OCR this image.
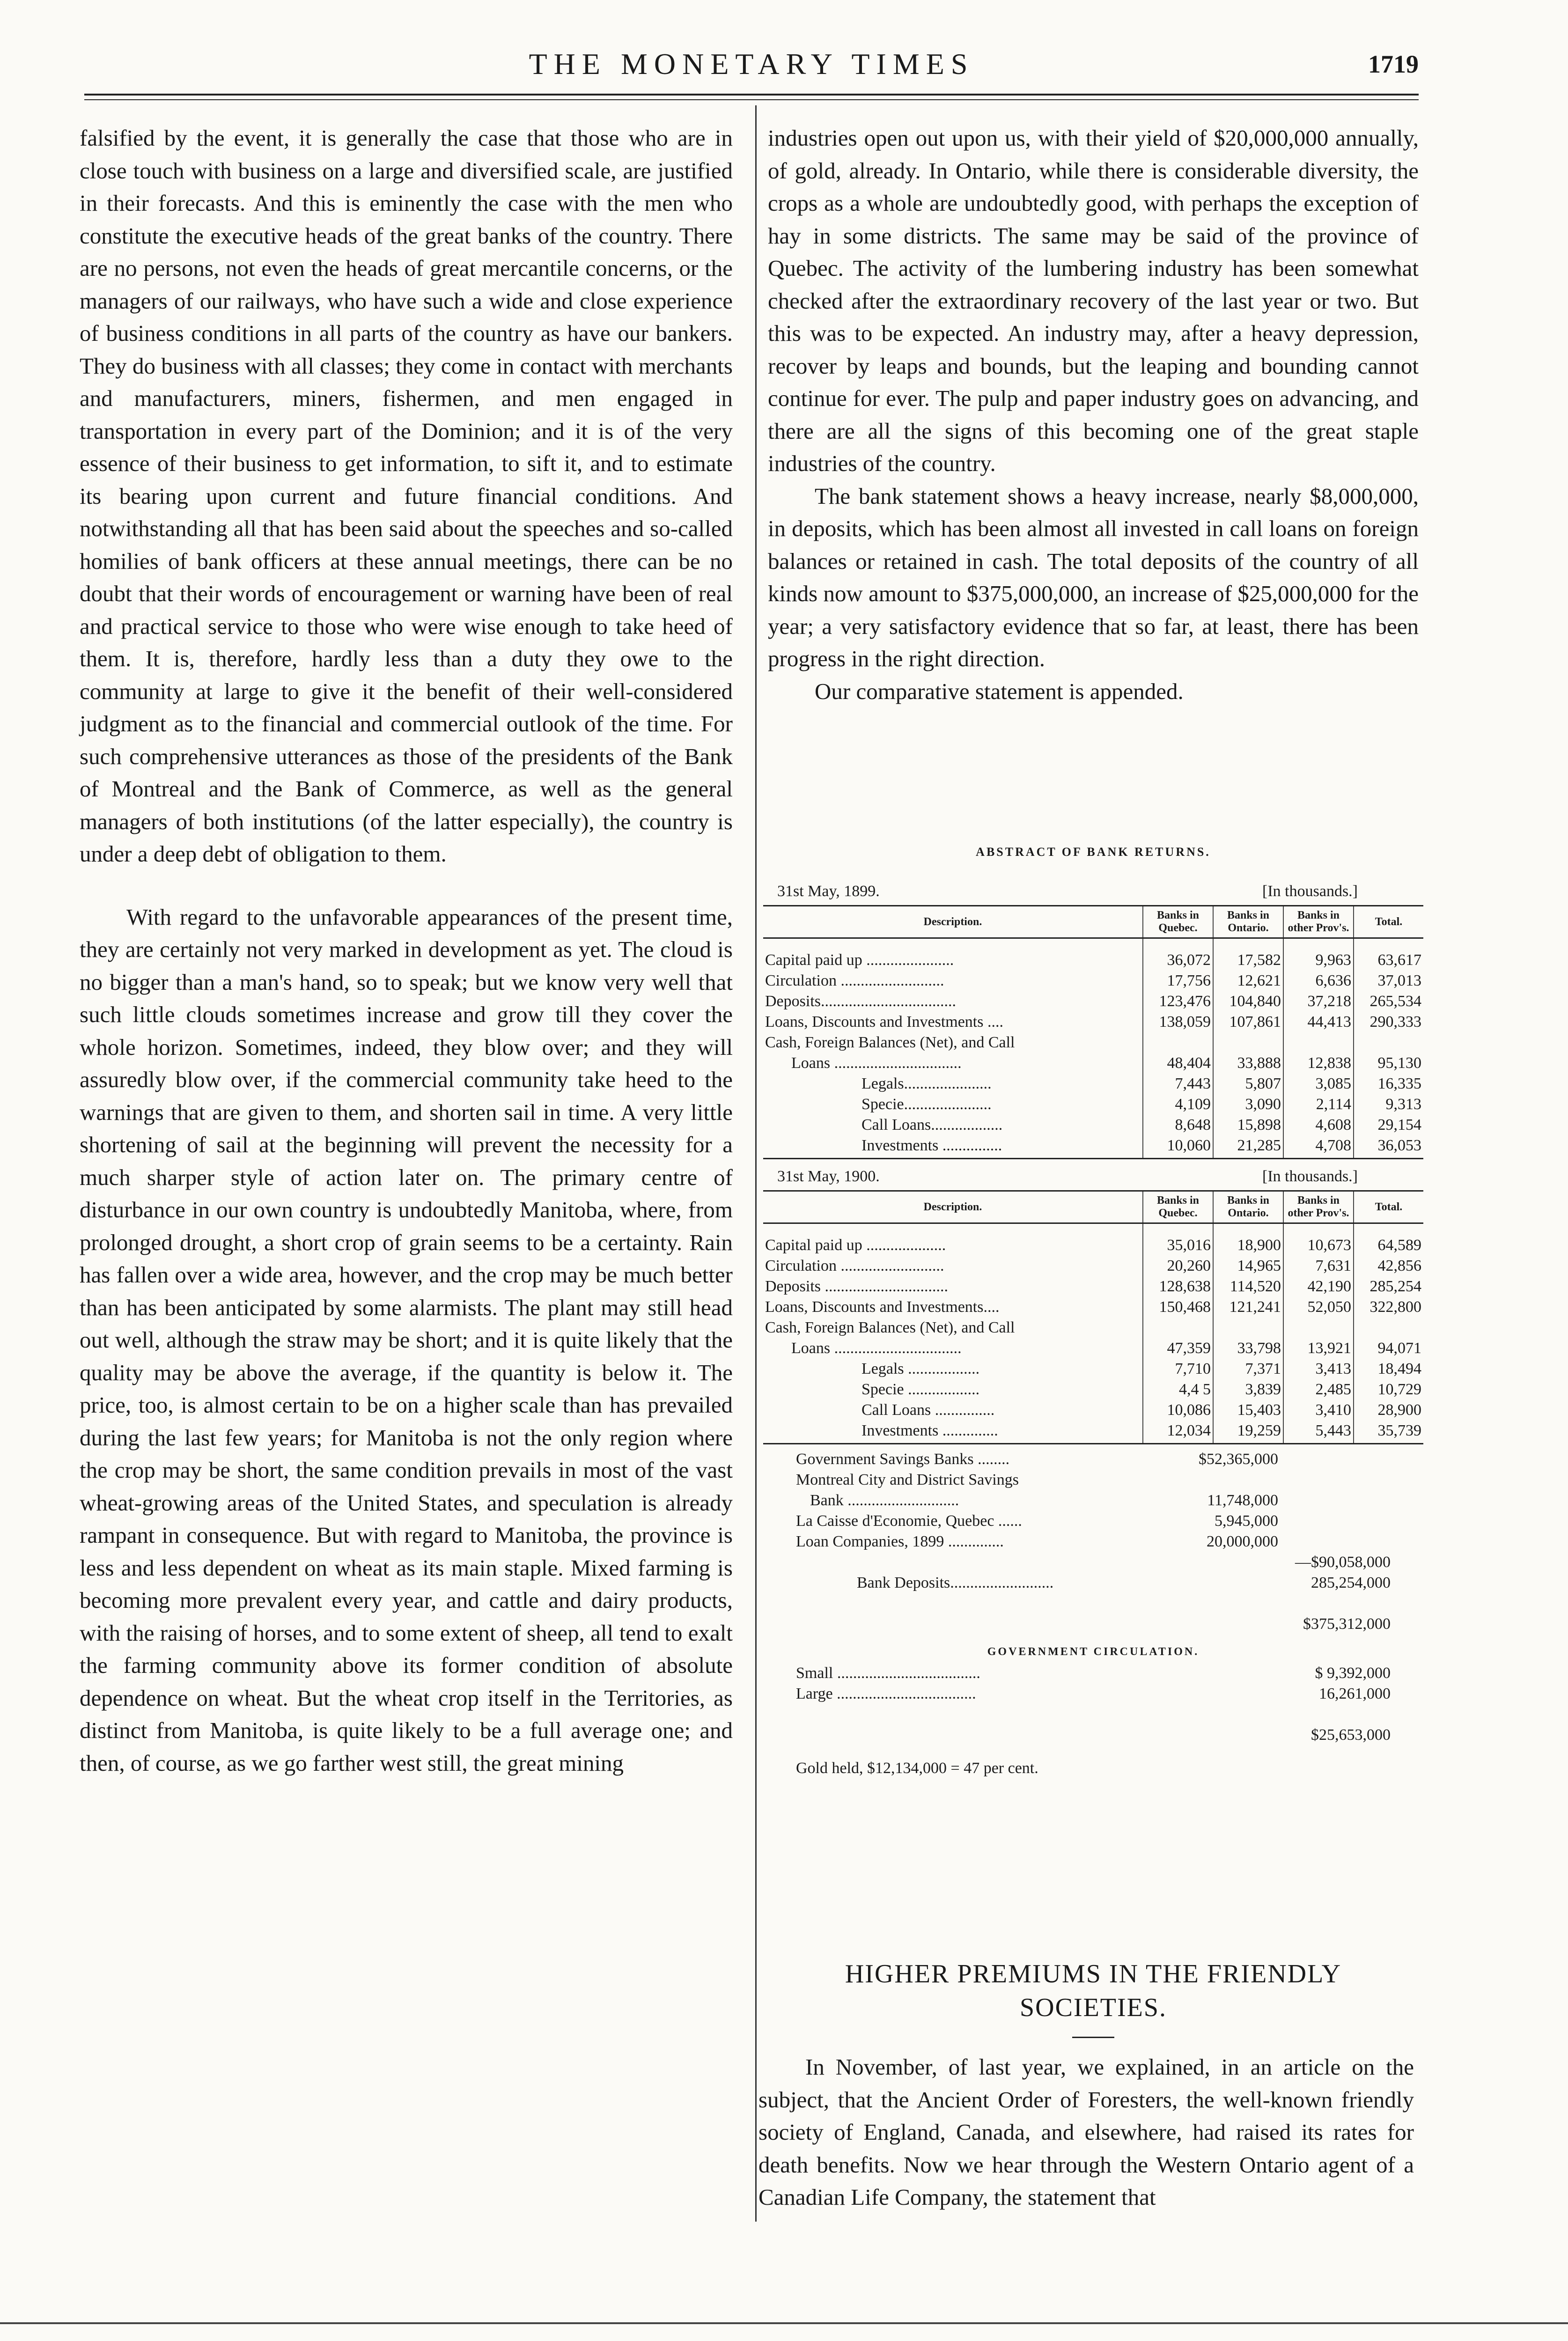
THE MONETARY TIMES	1719

falsified by the event, it is generally the case that those who are in close touch with business on a large and diversified scale, are justified in their forecasts. And this is eminently the case with the men who constitute the executive heads of the great banks of the country. There are no persons, not even the heads of great mercantile concerns, or the managers of our railways, who have such a wide and close experience of business conditions in all parts of the country as have our bankers. They do business with all classes; they come in contact with merchants and manufacturers, miners, fishermen, and men engaged in transportation in every part of the Dominion; and it is of the very essence of their business to get information, to sift it, and to estimate its bearing upon current and future financial conditions. And notwithstanding all that has been said about the speeches and so-called homilies of bank officers at these annual meetings, there can be no doubt that their words of encouragement or warning have been of real and practical service to those who were wise enough to take heed of them. It is, therefore, hardly less than a duty they owe to the community at large to give it the benefit of their well-considered judgment as to the financial and commercial outlook of the time. For such comprehensive utterances as those of the presidents of the Bank of Montreal and the Bank of Commerce, as well as the general managers of both institutions (of the latter especially), the country is under a deep debt of obligation to them.

With regard to the unfavorable appearances of the present time, they are certainly not very marked in development as yet. The cloud is no bigger than a man's hand, so to speak; but we know very well that such little clouds sometimes increase and grow till they cover the whole horizon. Sometimes, indeed, they blow over; and they will assuredly blow over, if the commercial community take heed to the warnings that are given to them, and shorten sail in time. A very little shortening of sail at the beginning will prevent the necessity for a much sharper style of action later on. The primary centre of disturbance in our own country is undoubtedly Manitoba, where, from prolonged drought, a short crop of grain seems to be a certainty. Rain has fallen over a wide area, however, and the crop may be much better than has been anticipated by some alarmists. The plant may still head out well, although the straw may be short; and it is quite likely that the quality may be above the average, if the quantity is below it. The price, too, is almost certain to be on a higher scale than has prevailed during the last few years; for Manitoba is not the only region where the crop may be short, the same condition prevails in most of the vast wheat-growing areas of the United States, and speculation is already rampant in consequence. But with regard to Manitoba, the province is less and less dependent on wheat as its main staple. Mixed farming is becoming more prevalent every year, and cattle and dairy products, with the raising of horses, and to some extent of sheep, all tend to exalt the farming community above its former condition of absolute dependence on wheat. But the wheat crop itself in the Territories, as distinct from Manitoba, is quite likely to be a full average one; and then, of course, as we go farther west still, the great mining

industries open out upon us, with their yield of $20,000,000 annually, of gold, already. In Ontario, while there is considerable diversity, the crops as a whole are undoubtedly good, with perhaps the exception of hay in some districts. The same may be said of the province of Quebec. The activity of the lumbering industry has been somewhat checked after the extraordinary recovery of the last year or two. But this was to be expected. An industry may, after a heavy depression, recover by leaps and bounds, but the leaping and bounding cannot continue for ever. The pulp and paper industry goes on advancing, and there are all the signs of this becoming one of the great staple industries of the country.

The bank statement shows a heavy increase, nearly $8,000,000, in deposits, which has been almost all invested in call loans on foreign balances or retained in cash. The total deposits of the country of all kinds now amount to $375,000,000, an increase of $25,000,000 for the year; a very satisfactory evidence that so far, at least, there has been progress in the right direction.

Our comparative statement is appended.

ABSTRACT OF BANK RETURNS.
31st May, 1899.	[In thousands.]
Description.	Banks in Quebec.	Banks in Ontario.	Banks in other Prov's.	Total.

Capital paid up ......................	36,072	17,582	9,963	63,617
Circulation ..........................	17,756	12,621	6,636	37,013
Deposits..................................	123,476	104,840	37,218	265,534
Loans, Discounts and Investments ....	138,059	107,861	44,413	290,333
Cash, Foreign Balances (Net), and Call				
Loans ................................	48,404	33,888	12,838	95,130
Legals......................	7,443	5,807	3,085	16,335
Specie......................	4,109	3,090	2,114	9,313
Call Loans..................	8,648	15,898	4,608	29,154
Investments ...............	10,060	21,285	4,708	36,053
31st May, 1900.	[In thousands.]
Description.	Banks in Quebec.	Banks in Ontario.	Banks in other Prov's.	Total.

Capital paid up ....................	35,016	18,900	10,673	64,589
Circulation ..........................	20,260	14,965	7,631	42,856
Deposits ...............................	128,638	114,520	42,190	285,254
Loans, Discounts and Investments....	150,468	121,241	52,050	322,800
Cash, Foreign Balances (Net), and Call				
Loans ................................	47,359	33,798	13,921	94,071
Legals ..................	7,710	7,371	3,413	18,494
Specie ..................	4,4 5	3,839	2,485	10,729
Call Loans ...............	10,086	15,403	3,410	28,900
Investments ..............	12,034	19,259	5,443	35,739
Government Savings Banks ........	$52,365,000
Montreal City and District Savings
Bank ............................	11,748,000
La Caisse d'Economie, Quebec ......	5,945,000
Loan Companies, 1899 ..............	20,000,000
—$90,058,000
Bank Deposits..........................	285,254,000
$375,312,000
GOVERNMENT CIRCULATION.
Small ....................................	$ 9,392,000
Large ...................................	16,261,000
$25,653,000
Gold held, $12,134,000 = 47 per cent.
HIGHER PREMIUMS IN THE FRIENDLY
SOCIETIES.

In November, of last year, we explained, in an article on the subject, that the Ancient Order of Foresters, the well-known friendly society of England, Canada, and elsewhere, had raised its rates for death benefits. Now we hear through the Western Ontario agent of a Canadian Life Company, the statement that
